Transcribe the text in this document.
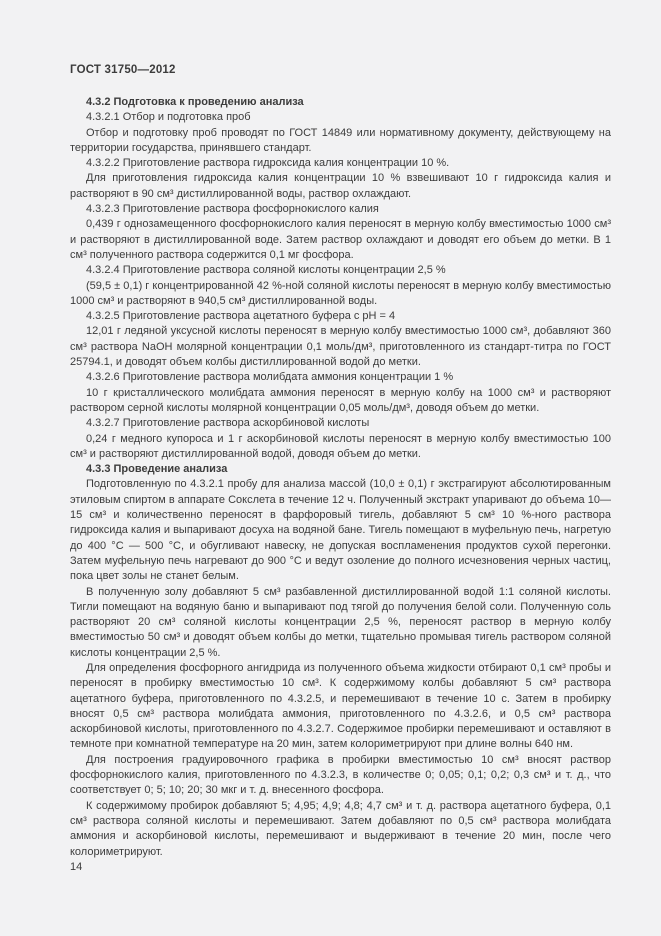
ГОСТ 31750—2012

4.3.2 Подготовка к проведению анализа

4.3.2.1 Отбор и подготовка проб

Отбор и подготовку проб проводят по ГОСТ 14849 или нормативному документу, действующему на территории государства, принявшего стандарт.

4.3.2.2 Приготовление раствора гидроксида калия концентрации 10 %.

Для приготовления гидроксида калия концентрации 10 % взвешивают 10 г гидроксида калия и растворяют в 90 см³ дистиллированной воды, раствор охлаждают.

4.3.2.3 Приготовление раствора фосфорнокислого калия

0,439 г однозамещенного фосфорнокислого калия переносят в мерную колбу вместимостью 1000 см³ и растворяют в дистиллированной воде. Затем раствор охлаждают и доводят его объем до метки. В 1 см³ полученного раствора содержится 0,1 мг фосфора.

4.3.2.4 Приготовление раствора соляной кислоты концентрации 2,5 %

(59,5 ± 0,1) г концентрированной 42 %-ной соляной кислоты переносят в мерную колбу вместимостью 1000 см³ и растворяют в 940,5 см³ дистиллированной воды.

4.3.2.5 Приготовление раствора ацетатного буфера с pH = 4

12,01 г ледяной уксусной кислоты переносят в мерную колбу вместимостью 1000 см³, добавляют 360 см³ раствора NaOH молярной концентрации 0,1 моль/дм³, приготовленного из стандарт-титра по ГОСТ 25794.1, и доводят объем колбы дистиллированной водой до метки.

4.3.2.6 Приготовление раствора молибдата аммония концентрации 1 %

10 г кристаллического молибдата аммония переносят в мерную колбу на 1000 см³ и растворяют раствором серной кислоты молярной концентрации 0,05 моль/дм³, доводя объем до метки.

4.3.2.7 Приготовление раствора аскорбиновой кислоты

0,24 г медного купороса и 1 г аскорбиновой кислоты переносят в мерную колбу вместимостью 100 см³ и растворяют дистиллированной водой, доводя объем до метки.

4.3.3 Проведение анализа

Подготовленную по 4.3.2.1 пробу для анализа массой (10,0 ± 0,1) г экстрагируют абсолютированным этиловым спиртом в аппарате Сокслета в течение 12 ч. Полученный экстракт упаривают до объема 10—15 см³ и количественно переносят в фарфоровый тигель, добавляют 5 см³ 10 %-ного раствора гидроксида калия и выпаривают досуха на водяной бане. Тигель помещают в муфельную печь, нагретую до 400 °С — 500 °С, и обугливают навеску, не допуская воспламенения продуктов сухой перегонки. Затем муфельную печь нагревают до 900 °С и ведут озоление до полного исчезновения черных частиц, пока цвет золы не станет белым.

В полученную золу добавляют 5 см³ разбавленной дистиллированной водой 1:1 соляной кислоты. Тигли помещают на водяную баню и выпаривают под тягой до получения белой соли. Полученную соль растворяют 20 см³ соляной кислоты концентрации 2,5 %, переносят раствор в мерную колбу вместимостью 50 см³ и доводят объем колбы до метки, тщательно промывая тигель раствором соляной кислоты концентрации 2,5 %.

Для определения фосфорного ангидрида из полученного объема жидкости отбирают 0,1 см³ пробы и переносят в пробирку вместимостью 10 см³. К содержимому колбы добавляют 5 см³ раствора ацетатного буфера, приготовленного по 4.3.2.5, и перемешивают в течение 10 с. Затем в пробирку вносят 0,5 см³ раствора молибдата аммония, приготовленного по 4.3.2.6, и 0,5 см³ раствора аскорбиновой кислоты, приготовленного по 4.3.2.7. Содержимое пробирки перемешивают и оставляют в темноте при комнатной температуре на 20 мин, затем колориметрируют при длине волны 640 нм.

Для построения градуировочного графика в пробирки вместимостью 10 см³ вносят раствор фосфорнокислого калия, приготовленного по 4.3.2.3, в количестве 0; 0,05; 0,1; 0,2; 0,3 см³ и т. д., что соответствует 0; 5; 10; 20; 30 мкг и т. д. внесенного фосфора.

К содержимому пробирок добавляют 5; 4,95; 4,9; 4,8; 4,7 см³ и т. д. раствора ацетатного буфера, 0,1 см³ раствора соляной кислоты и перемешивают. Затем добавляют по 0,5 см³ раствора молибдата аммония и аскорбиновой кислоты, перемешивают и выдерживают в течение 20 мин, после чего колориметрируют.

14
